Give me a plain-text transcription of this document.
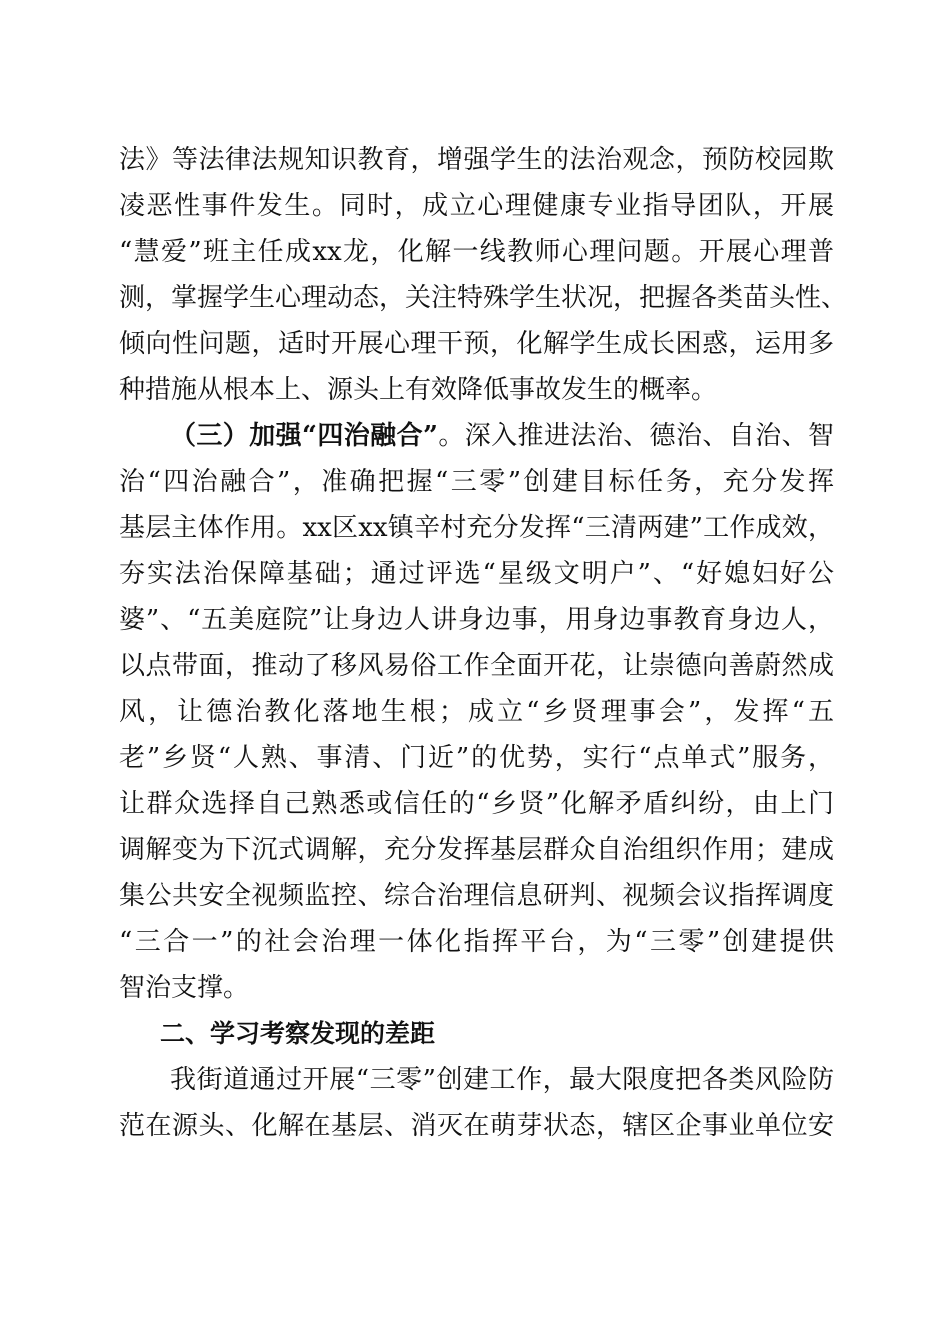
法》等法律法规知识教育，增强学生的法治观念，预防校园欺
凌恶性事件发生。同时，成立心理健康专业指导团队，开展
“慧爱”班主任成xx龙，化解一线教师心理问题。开展心理普
测，掌握学生心理动态，关注特殊学生状况，把握各类苗头性、
倾向性问题，适时开展心理干预，化解学生成长困惑，运用多
种措施从根本上、源头上有效降低事故发生的概率。
（三）加强“四治融合”。深入推进法治、德治、自治、智
治“四治融合”，准确把握“三零”创建目标任务，充分发挥
基层主体作用。xx区xx镇辛村充分发挥“三清两建”工作成效，
夯实法治保障基础；通过评选“星级文明户”、“好媳妇好公
婆”、“五美庭院”让身边人讲身边事，用身边事教育身边人，
以点带面，推动了移风易俗工作全面开花，让崇德向善蔚然成
风，让德治教化落地生根；成立“乡贤理事会”，发挥“五
老”乡贤“人熟、事清、门近”的优势，实行“点单式”服务，
让群众选择自己熟悉或信任的“乡贤”化解矛盾纠纷，由上门
调解变为下沉式调解，充分发挥基层群众自治组织作用；建成
集公共安全视频监控、综合治理信息研判、视频会议指挥调度
“三合一”的社会治理一体化指挥平台，为“三零”创建提供
智治支撑。
二、学习考察发现的差距
我街道通过开展“三零”创建工作，最大限度把各类风险防
范在源头、化解在基层、消灭在萌芽状态，辖区企事业单位安
